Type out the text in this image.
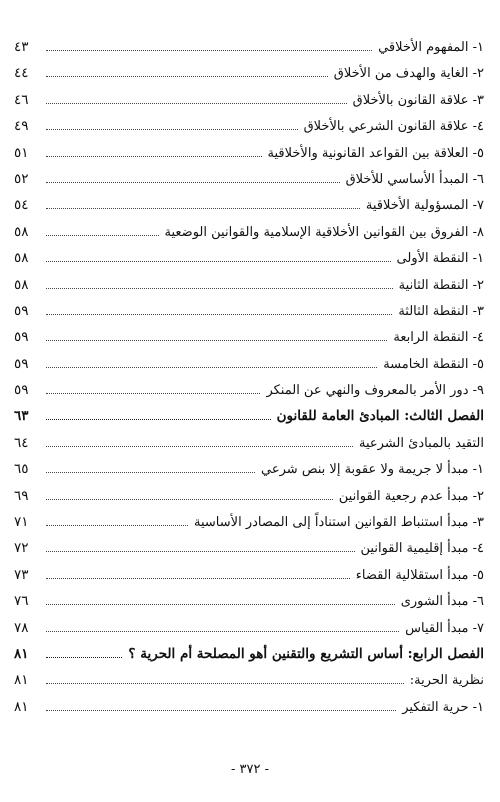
١- المفهوم الأخلاقي
٤٣
٢- الغاية والهدف من الأخلاق
٤٤
٣- علاقة القانون بالأخلاق
٤٦
٤- علاقة القانون الشرعي بالأخلاق
٤٩
٥- العلاقة بين القواعد القانونية والأخلاقية
٥١
٦- المبدأ الأساسي للأخلاق
٥٢
٧- المسؤولية الأخلاقية
٥٤
٨- الفروق بين القوانين الأخلاقية الإسلامية والقوانين الوضعية
٥٨
١- النقطة الأولى
٥٨
٢- النقطة الثانية
٥٨
٣- النقطة الثالثة
٥٩
٤- النقطة الرابعة
٥٩
٥- النقطة الخامسة
٥٩
٩- دور الأمر بالمعروف والنهي عن المنكر
٥٩
الفصل الثالث: المبادئ العامة للقانون
٦٣
التقيد بالمبادئ الشرعية
٦٤
١- مبدأ لا جريمة ولا عقوبة إلا بنص شرعي
٦٥
٢- مبدأ عدم رجعية القوانين
٦٩
٣- مبدأ استنباط القوانين استناداً إلى المصادر الأساسية
٧١
٤- مبدأ إقليمية القوانين
٧٢
٥- مبدأ استقلالية القضاء
٧٣
٦- مبدأ الشورى
٧٦
٧- مبدأ القياس
٧٨
الفصل الرابع: أساس التشريع والتقنين أهو المصلحة أم الحرية ؟
٨١
نظرية الحرية:
٨١
١- حرية التفكير
٨١
- ٣٧٢ -
